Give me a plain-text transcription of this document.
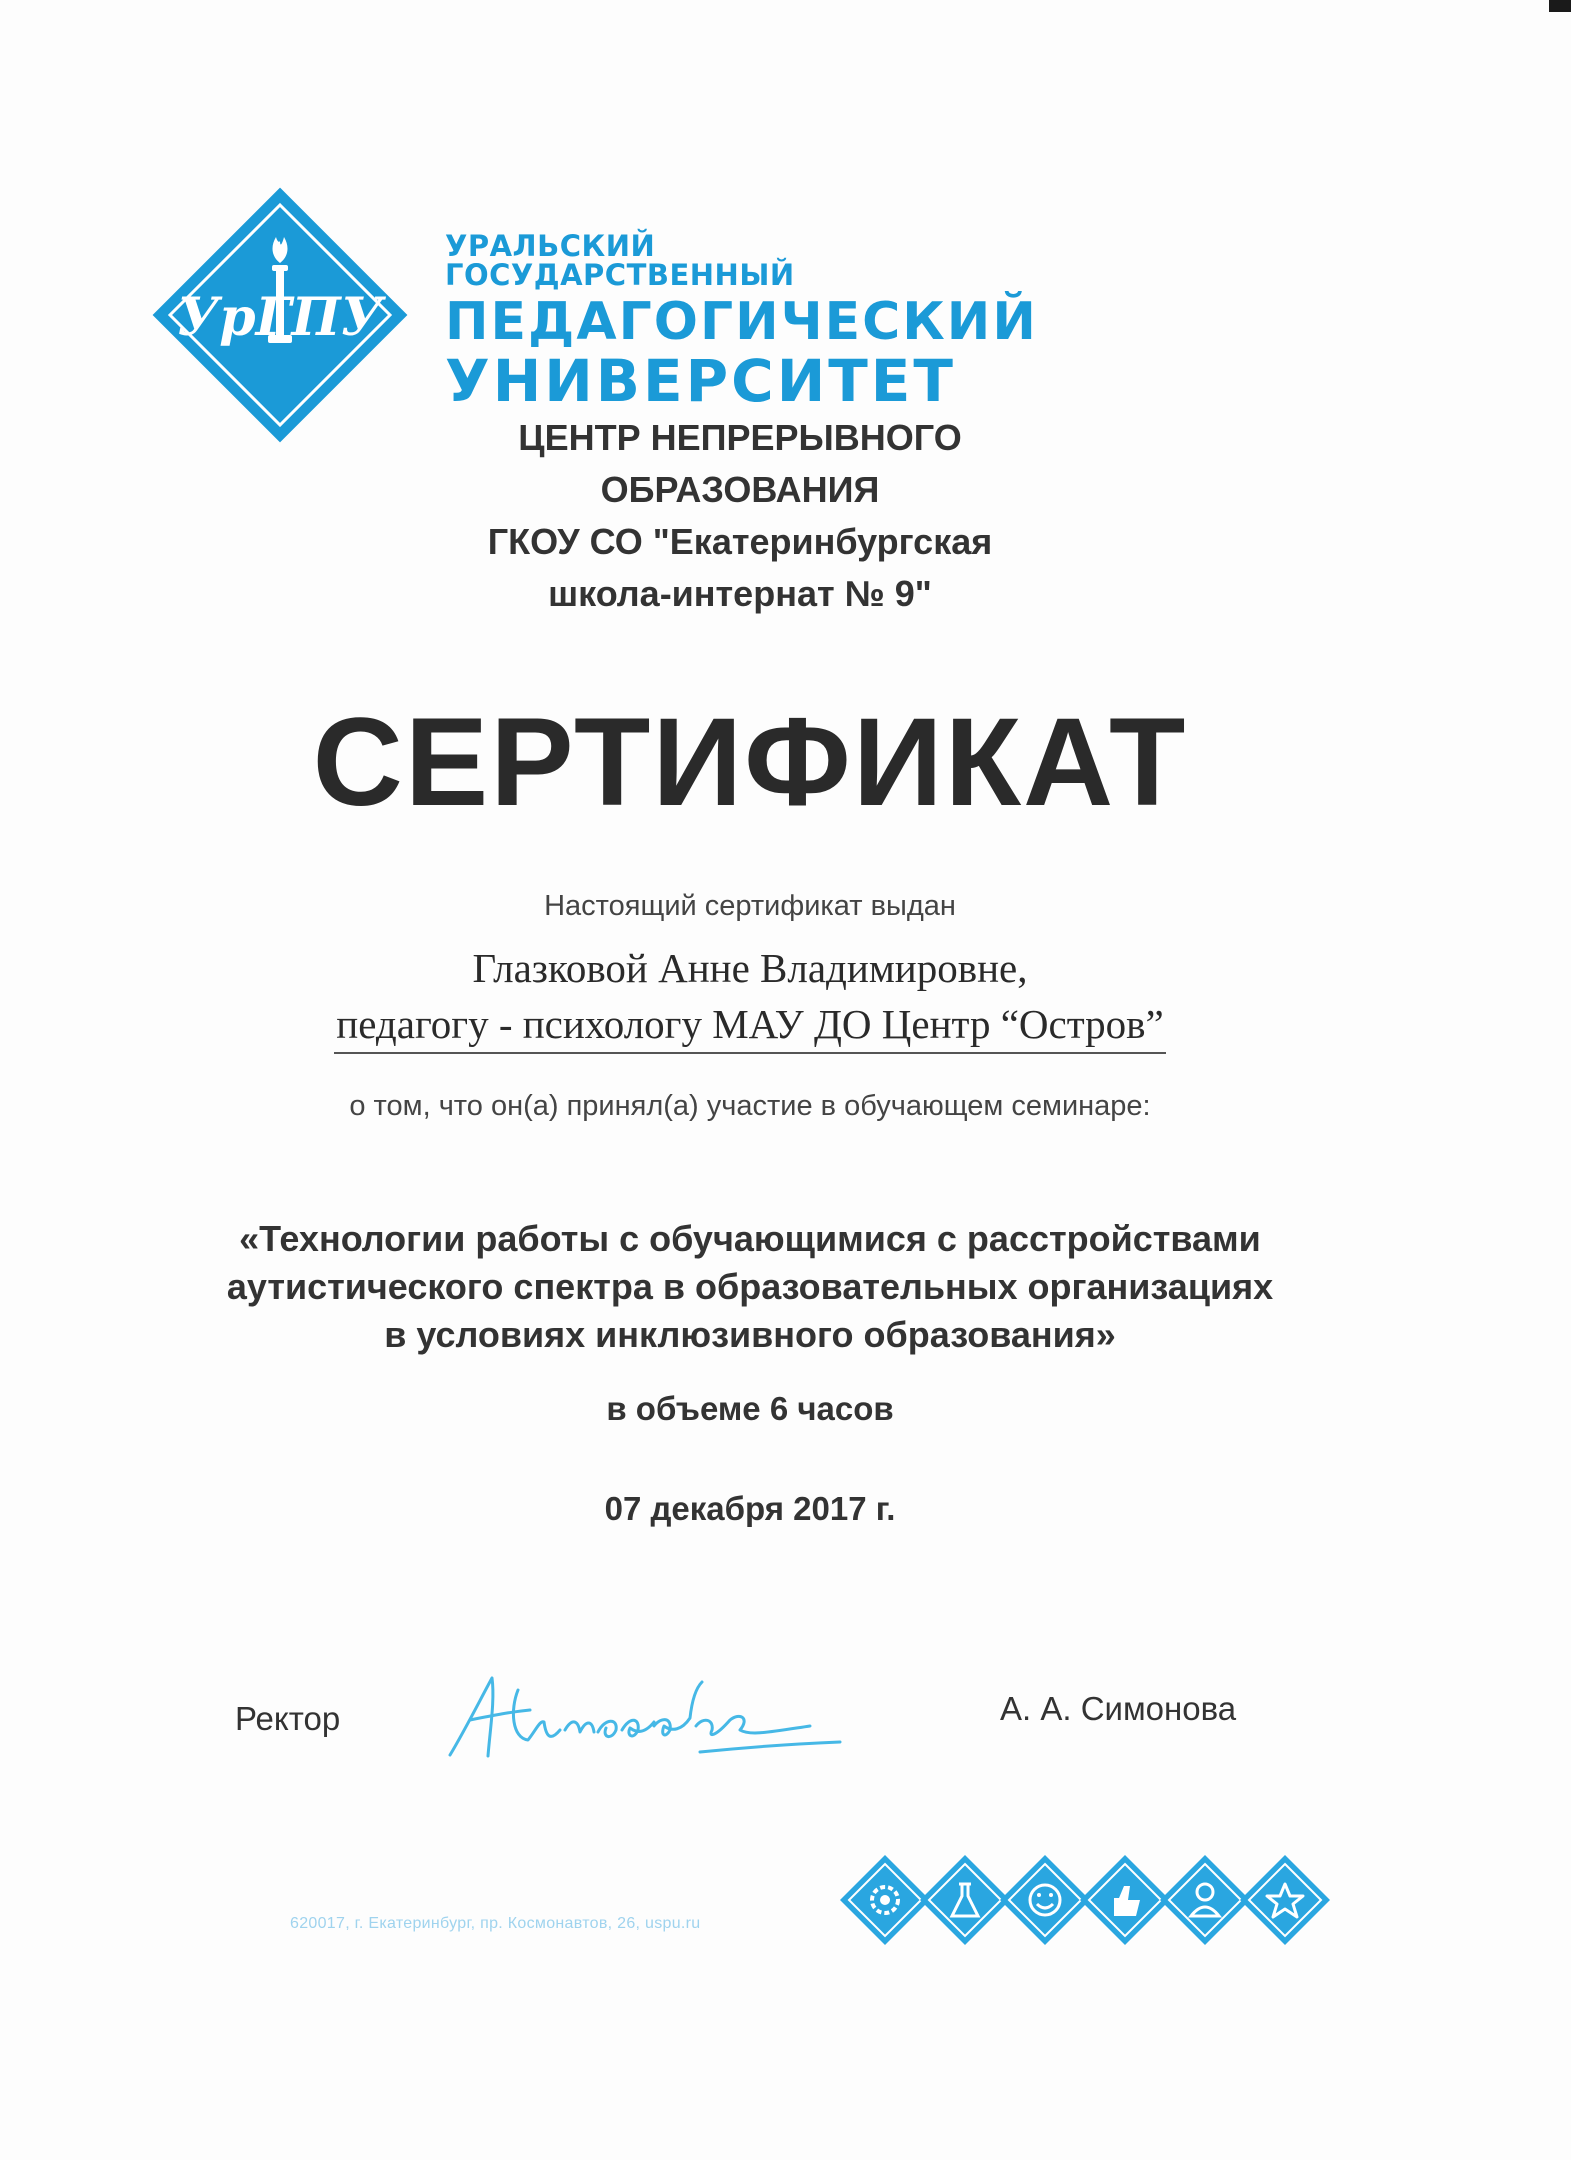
УрГПУ
УРАЛЬСКИЙ ГОСУДАРСТВЕННЫЙ
ПЕДАГОГИЧЕСКИЙ
УНИВЕРСИТЕТ
ЦЕНТР НЕПРЕРЫВНОГО
ОБРАЗОВАНИЯ
ГКОУ СО "Екатеринбургская
школа-интернат № 9"
СЕРТИФИКАТ
Настоящий сертификат выдан
Глазковой Анне Владимировне,
педагогу - психологу МАУ ДО Центр “Остров”
о том, что он(а) принял(а) участие в обучающем семинаре:
«Технологии работы с обучающимися с расстройствами
аутистического спектра в образовательных организациях
в условиях инклюзивного образования»
в объеме 6 часов
07 декабря 2017 г.
Ректор	А. А. Симонова
620017, г. Екатеринбург, пр. Космонавтов, 26, uspu.ru
